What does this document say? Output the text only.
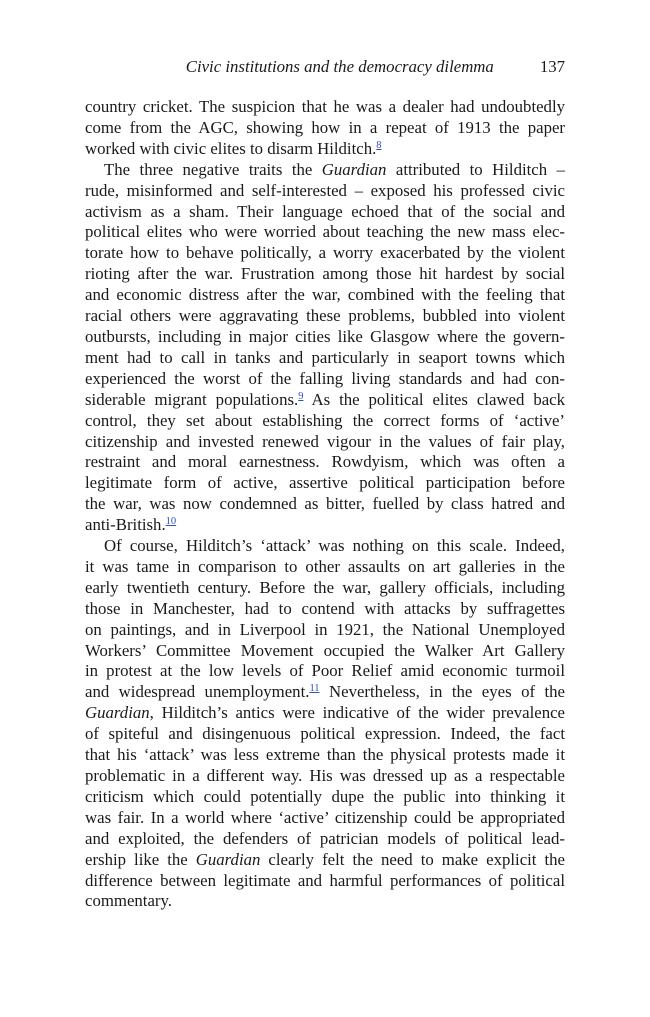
Civic institutions and the democracy dilemma	137
country cricket. The suspicion that he was a dealer had undoubtedly
come from the AGC, showing how in a repeat of 1913 the paper
worked with civic elites to disarm Hilditch.$^8$
The three negative traits the Guardian attributed to Hilditch –
rude, misinformed and self-interested – exposed his professed civic
activism as a sham. Their language echoed that of the social and
political elites who were worried about teaching the new mass elec-
torate how to behave politically, a worry exacerbated by the violent
rioting after the war. Frustration among those hit hardest by social
and economic distress after the war, combined with the feeling that
racial others were aggravating these problems, bubbled into violent
outbursts, including in major cities like Glasgow where the govern-
ment had to call in tanks and particularly in seaport towns which
experienced the worst of the falling living standards and had con-
siderable migrant populations.$^9$ As the political elites clawed back
control, they set about establishing the correct forms of ‘active’
citizenship and invested renewed vigour in the values of fair play,
restraint and moral earnestness. Rowdyism, which was often a
legitimate form of active, assertive political participation before
the war, was now condemned as bitter, fuelled by class hatred and
anti-British.$^{10}$
Of course, Hilditch’s ‘attack’ was nothing on this scale. Indeed,
it was tame in comparison to other assaults on art galleries in the
early twentieth century. Before the war, gallery officials, including
those in Manchester, had to contend with attacks by suffragettes
on paintings, and in Liverpool in 1921, the National Unemployed
Workers’ Committee Movement occupied the Walker Art Gallery
in protest at the low levels of Poor Relief amid economic turmoil
and widespread unemployment.$^{11}$ Nevertheless, in the eyes of the
Guardian, Hilditch’s antics were indicative of the wider prevalence
of spiteful and disingenuous political expression. Indeed, the fact
that his ‘attack’ was less extreme than the physical protests made it
problematic in a different way. His was dressed up as a respectable
criticism which could potentially dupe the public into thinking it
was fair. In a world where ‘active’ citizenship could be appropriated
and exploited, the defenders of patrician models of political lead-
ership like the Guardian clearly felt the need to make explicit the
difference between legitimate and harmful performances of political
commentary.
